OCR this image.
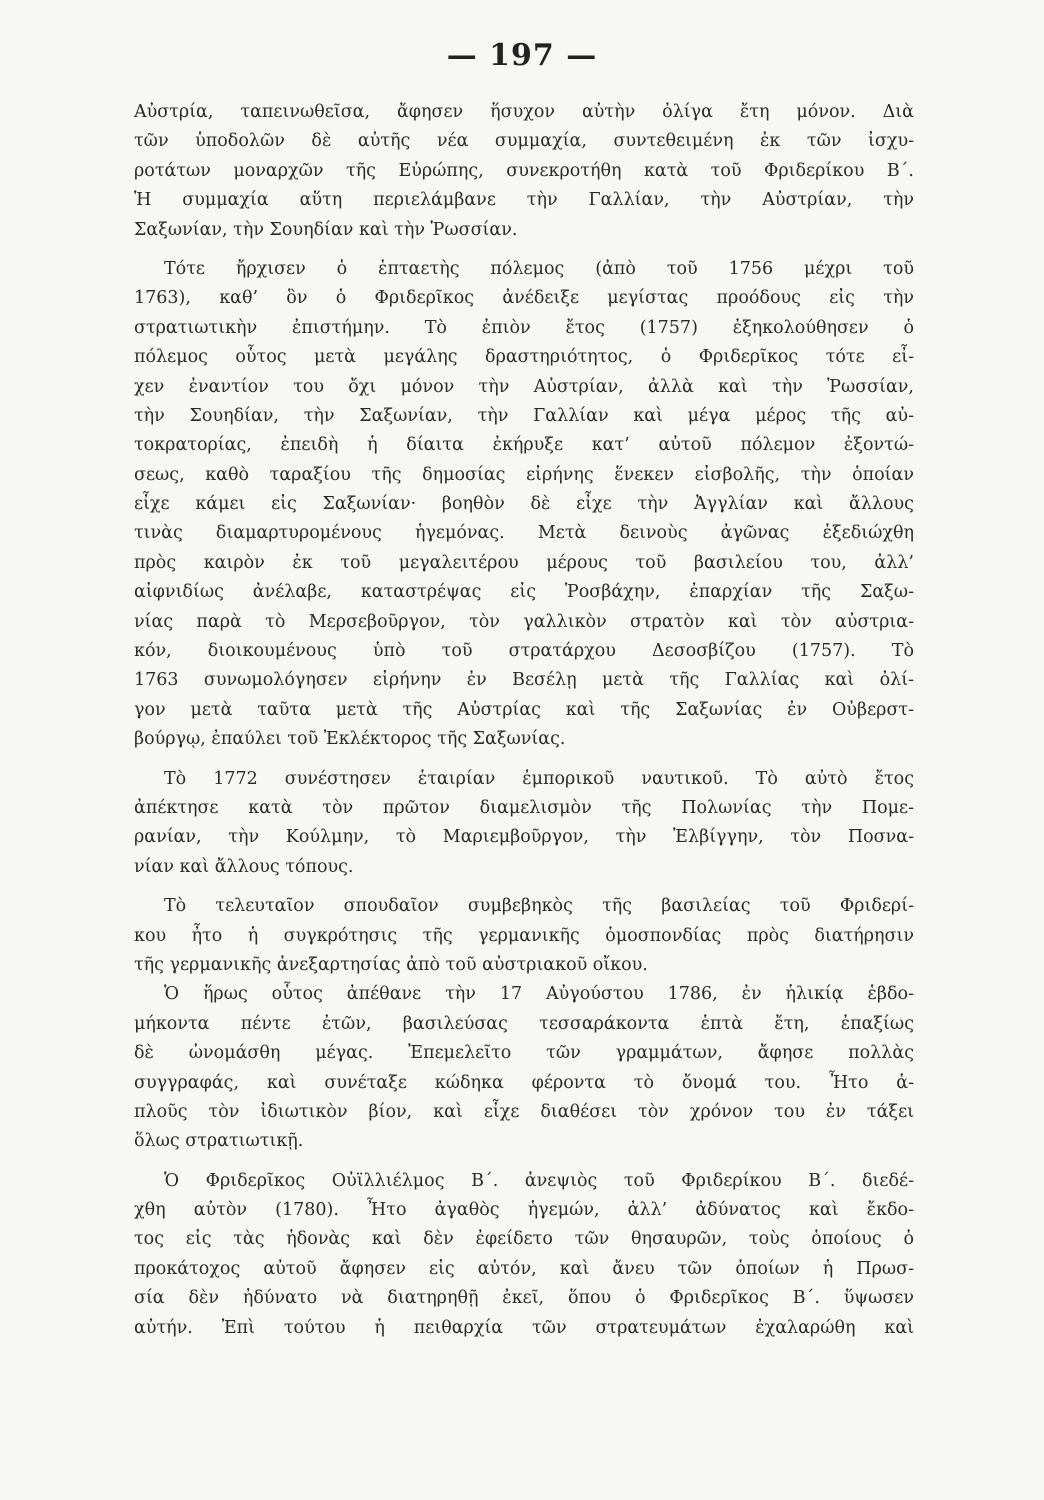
— 197 —
Αὐστρία, ταπεινωθεῖσα, ἄφησεν ἥσυχον αὐτὴν ὀλίγα ἔτη μόνον. Διὰ
τῶν ὑποδολῶν δὲ αὐτῆς νέα συμμαχία, συντεθειμένη ἐκ τῶν ἰσχυ-
ροτάτων μοναρχῶν τῆς Εὐρώπης, συνεκροτήθη κατὰ τοῦ Φριδερίκου Β΄.
Ἡ συμμαχία αὕτη περιελάμβανε τὴν Γαλλίαν, τὴν Αὐστρίαν, τὴν
Σαξωνίαν, τὴν Σουηδίαν καὶ τὴν Ῥωσσίαν.
Τότε ἤρχισεν ὁ ἑπταετὴς πόλεμος (ἀπὸ τοῦ 1756 μέχρι τοῦ
1763), καθ’ ὃν ὁ Φριδερῖκος ἀνέδειξε μεγίστας προόδους εἰς τὴν
στρατιωτικὴν ἐπιστήμην. Τὸ ἐπιὸν ἔτος (1757) ἐξηκολούθησεν ὁ
πόλεμος οὗτος μετὰ μεγάλης δραστηριότητος, ὁ Φριδερῖκος τότε εἶ-
χεν ἐναντίον του ὄχι μόνον τὴν Αὐστρίαν, ἀλλὰ καὶ τὴν Ῥωσσίαν,
τὴν Σουηδίαν, τὴν Σαξωνίαν, τὴν Γαλλίαν καὶ μέγα μέρος τῆς αὐ-
τοκρατορίας, ἐπειδὴ ἡ δίαιτα ἐκήρυξε κατ’ αὐτοῦ πόλεμον ἐξοντώ-
σεως, καθὸ ταραξίου τῆς δημοσίας εἰρήνης ἕνεκεν εἰσβολῆς, τὴν ὁποίαν
εἶχε κάμει εἰς Σαξωνίαν· βοηθὸν δὲ εἶχε τὴν Ἀγγλίαν καὶ ἄλλους
τινὰς διαμαρτυρομένους ἡγεμόνας. Μετὰ δεινοὺς ἀγῶνας ἐξεδιώχθη
πρὸς καιρὸν ἐκ τοῦ μεγαλειτέρου μέρους τοῦ βασιλείου του, ἀλλ’
αἰφνιδίως ἀνέλαβε, καταστρέψας εἰς Ῥοσβάχην, ἐπαρχίαν τῆς Σαξω-
νίας παρὰ τὸ Μερσεβοῦργον, τὸν γαλλικὸν στρατὸν καὶ τὸν αὐστρια-
κόν, διοικουμένους ὑπὸ τοῦ στρατάρχου Δεσοσβίζου (1757). Τὸ
1763 συνωμολόγησεν εἰρήνην ἐν Βεσέλῃ μετὰ τῆς Γαλλίας καὶ ὀλί-
γον μετὰ ταῦτα μετὰ τῆς Αὐστρίας καὶ τῆς Σαξωνίας ἐν Οὐβερστ-
βούργῳ, ἐπαύλει τοῦ Ἐκλέκτορος τῆς Σαξωνίας.
Τὸ 1772 συνέστησεν ἑταιρίαν ἐμπορικοῦ ναυτικοῦ. Τὸ αὐτὸ ἔτος
ἀπέκτησε κατὰ τὸν πρῶτον διαμελισμὸν τῆς Πολωνίας τὴν Πομε-
ρανίαν, τὴν Κούλμην, τὸ Μαριεμβοῦργον, τὴν Ἐλβίγγην, τὸν Ποσνα-
νίαν καὶ ἄλλους τόπους.
Τὸ τελευταῖον σπουδαῖον συμβεβηκὸς τῆς βασιλείας τοῦ Φριδερί-
κου ἦτο ἡ συγκρότησις τῆς γερμανικῆς ὁμοσπονδίας πρὸς διατήρησιν
τῆς γερμανικῆς ἀνεξαρτησίας ἀπὸ τοῦ αὐστριακοῦ οἴκου.
Ὁ ἥρως οὗτος ἀπέθανε τὴν 17 Αὐγούστου 1786, ἐν ἡλικίᾳ ἑβδο-
μήκοντα πέντε ἐτῶν, βασιλεύσας τεσσαράκοντα ἑπτὰ ἔτη, ἐπαξίως
δὲ ὠνομάσθη μέγας. Ἐπεμελεῖτο τῶν γραμμάτων, ἄφησε πολλὰς
συγγραφάς, καὶ συνέταξε κώδηκα φέροντα τὸ ὄνομά του. Ἦτο ἁ-
πλοῦς τὸν ἰδιωτικὸν βίον, καὶ εἶχε διαθέσει τὸν χρόνον του ἐν τάξει
ὅλως στρατιωτικῇ.
Ὁ Φριδερῖκος Οὐϊλλιέλμος Β΄. ἀνεψιὸς τοῦ Φριδερίκου Β΄. διεδέ-
χθη αὐτὸν (1780). Ἦτο ἀγαθὸς ἡγεμών, ἀλλ’ ἀδύνατος καὶ ἔκδο-
τος εἰς τὰς ἡδονὰς καὶ δὲν ἐφείδετο τῶν θησαυρῶν, τοὺς ὁποίους ὁ
προκάτοχος αὐτοῦ ἄφησεν εἰς αὐτόν, καὶ ἄνευ τῶν ὁποίων ἡ Πρωσ-
σία δὲν ἠδύνατο νὰ διατηρηθῇ ἐκεῖ, ὅπου ὁ Φριδερῖκος Β΄. ὕψωσεν
αὐτήν. Ἐπὶ τούτου ἡ πειθαρχία τῶν στρατευμάτων ἐχαλαρώθη καὶ
